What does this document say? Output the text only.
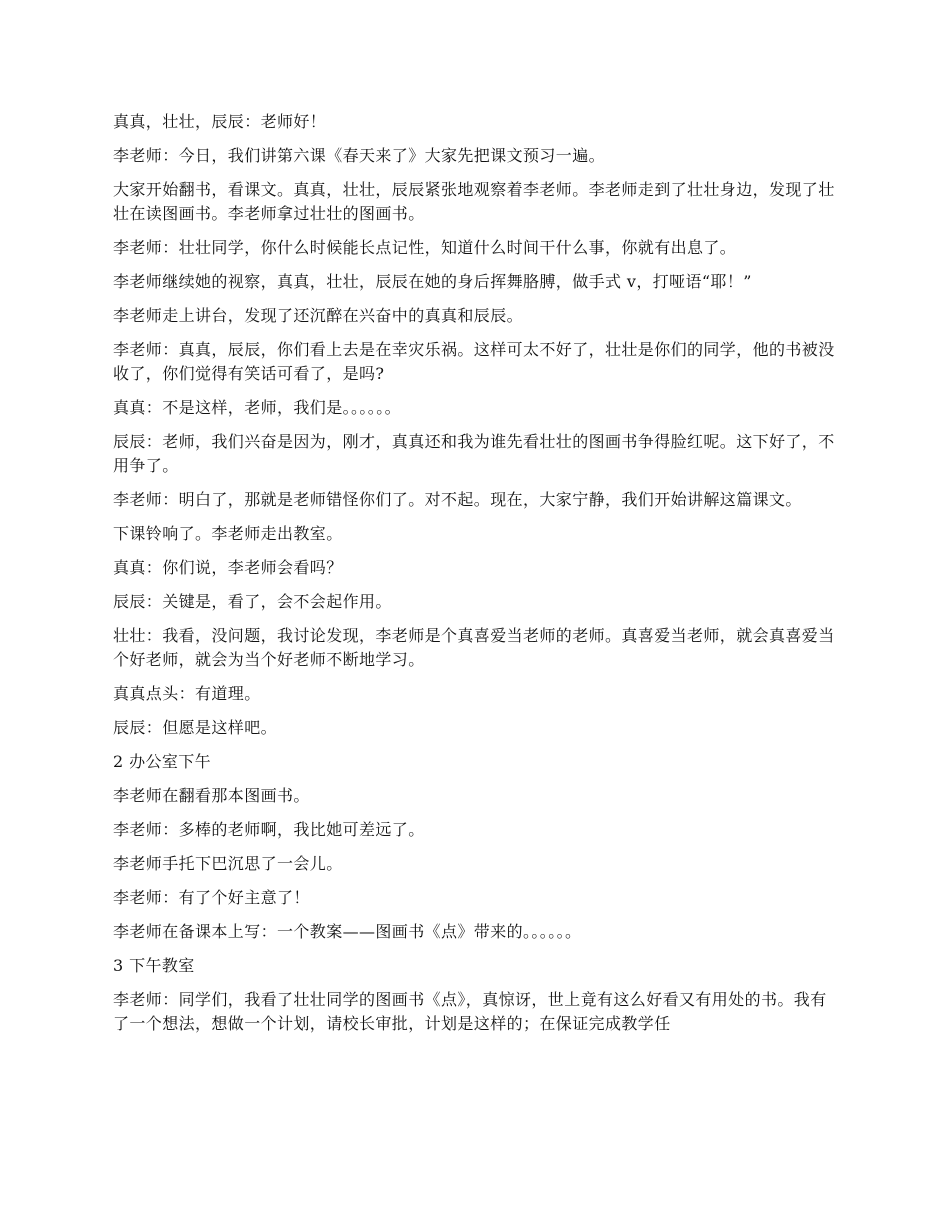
真真，壮壮，辰辰：老师好！

李老师：今日，我们讲第六课《春天来了》大家先把课文预习一遍。

大家开始翻书，看课文。真真，壮壮，辰辰紧张地观察着李老师。李老师走到了壮壮身边，发现了壮壮在读图画书。李老师拿过壮壮的图画书。

李老师：壮壮同学，你什么时候能长点记性，知道什么时间干什么事，你就有出息了。

李老师继续她的视察，真真，壮壮，辰辰在她的身后挥舞胳膊，做手式 v，打哑语“耶！”

李老师走上讲台，发现了还沉醉在兴奋中的真真和辰辰。

李老师：真真，辰辰，你们看上去是在幸灾乐祸。这样可太不好了，壮壮是你们的同学，他的书被没收了，你们觉得有笑话可看了，是吗?

真真：不是这样，老师，我们是。。。。。。

辰辰：老师，我们兴奋是因为，刚才，真真还和我为谁先看壮壮的图画书争得脸红呢。这下好了，不用争了。

李老师：明白了，那就是老师错怪你们了。对不起。现在，大家宁静，我们开始讲解这篇课文。

下课铃响了。李老师走出教室。

真真：你们说，李老师会看吗？

辰辰：关键是，看了，会不会起作用。

壮壮：我看，没问题，我讨论发现，李老师是个真喜爱当老师的老师。真喜爱当老师，就会真喜爱当个好老师，就会为当个好老师不断地学习。

真真点头：有道理。

辰辰：但愿是这样吧。

2 办公室下午

李老师在翻看那本图画书。

李老师：多棒的老师啊，我比她可差远了。

李老师手托下巴沉思了一会儿。

李老师：有了个好主意了！

李老师在备课本上写：一个教案——图画书《点》带来的。。。。。。

3 下午教室

李老师：同学们，我看了壮壮同学的图画书《点》，真惊讶，世上竟有这么好看又有用处的书。我有了一个想法，想做一个计划，请校长审批，计划是这样的；在保证完成教学任
